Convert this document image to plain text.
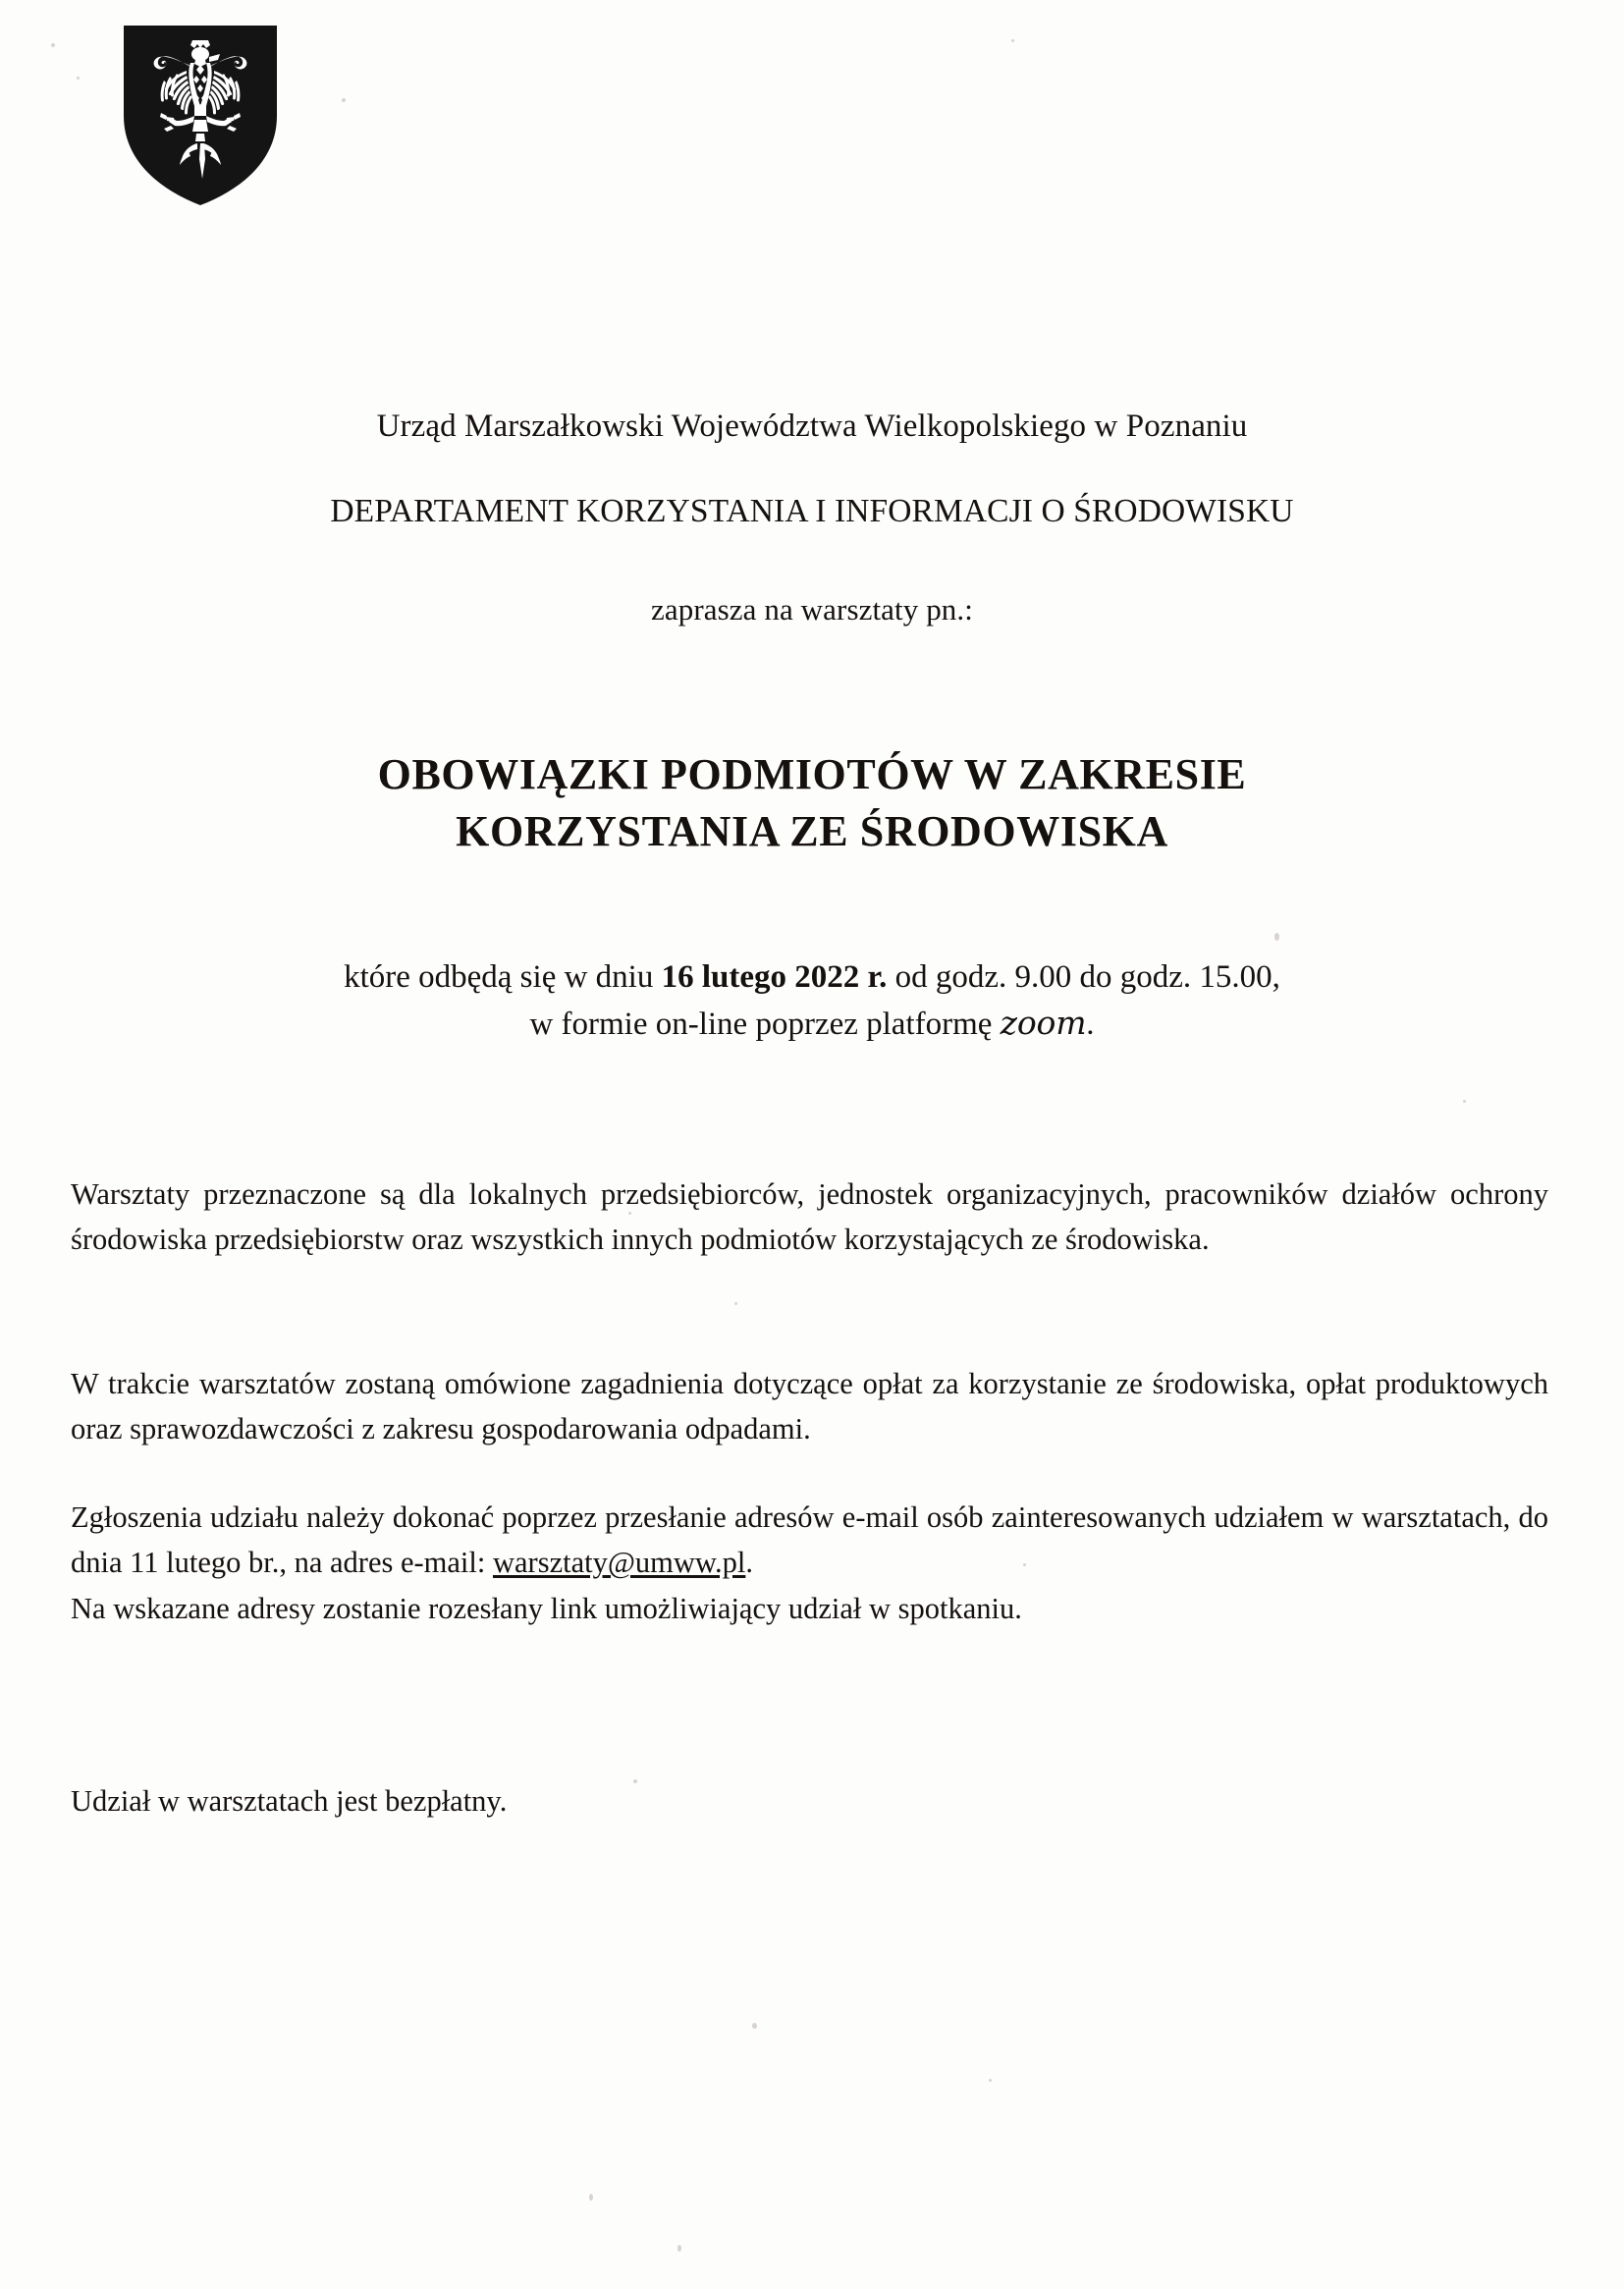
Urząd Marszałkowski Województwa Wielkopolskiego w Poznaniu
DEPARTAMENT KORZYSTANIA I INFORMACJI O ŚRODOWISKU
zaprasza na warsztaty pn.:
OBOWIĄZKI PODMIOTÓW W ZAKRESIE
KORZYSTANIA ZE ŚRODOWISKA
które odbędą się w dniu 16 lutego 2022 r. od godz. 9.00 do godz. 15.00,
w formie on-line poprzez platformę zoom.

Warsztaty przeznaczone są dla lokalnych przedsiębiorców, jednostek organizacyjnych, pracowników działów ochrony środowiska przedsiębiorstw oraz wszystkich innych podmiotów korzystających ze środowiska.

W trakcie warsztatów zostaną omówione zagadnienia dotyczące opłat za korzystanie ze środowiska, opłat produktowych oraz sprawozdawczości z zakresu gospodarowania odpadami.

Zgłoszenia udziału należy dokonać poprzez przesłanie adresów e-mail osób zainteresowanych udziałem w warsztatach, do dnia 11 lutego br., na adres e-mail: warsztaty@umww.pl.
Na wskazane adresy zostanie rozesłany link umożliwiający udział w spotkaniu.

Udział w warsztatach jest bezpłatny.
